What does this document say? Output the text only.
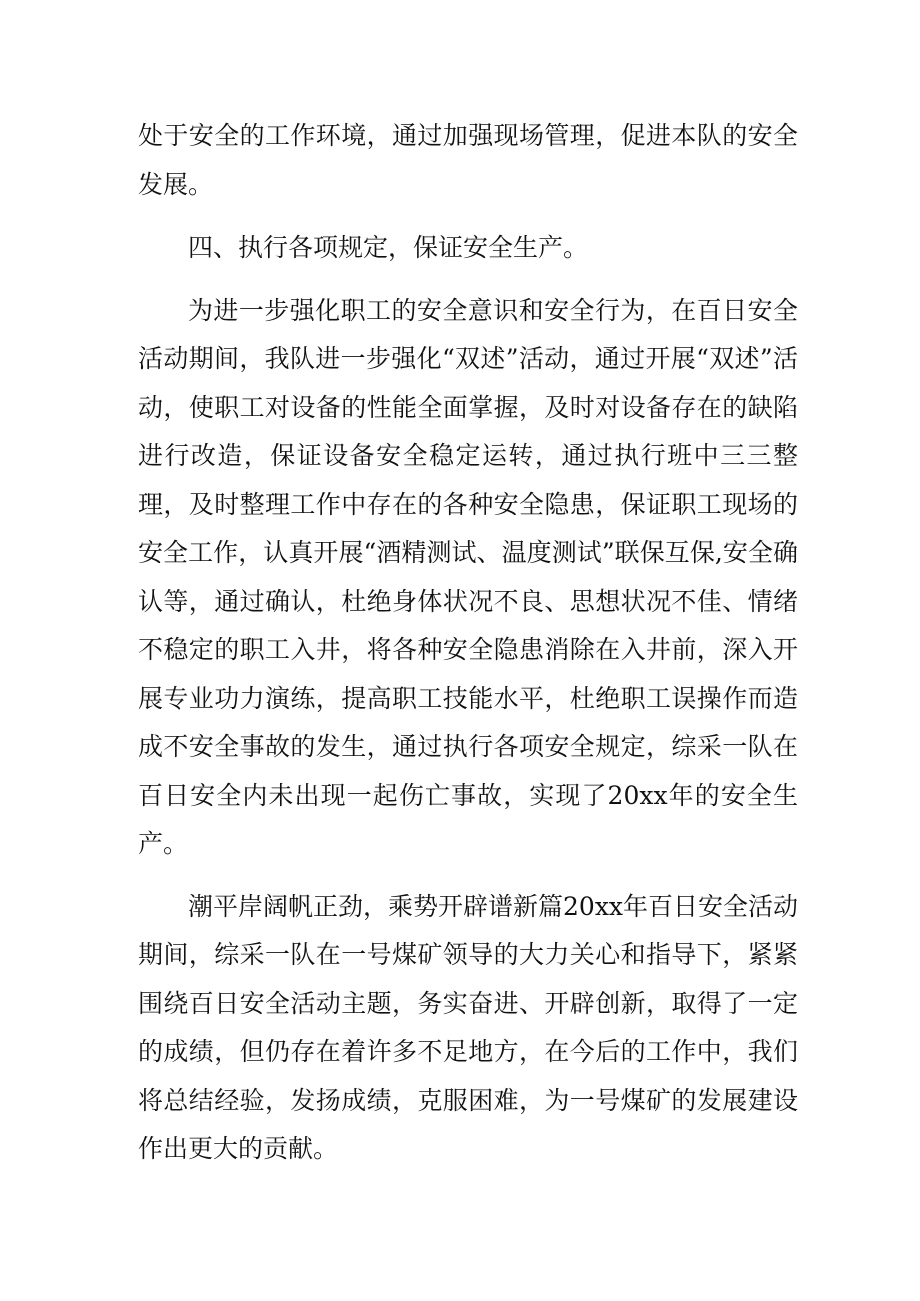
处于安全的工作环境，通过加强现场管理，促进本队的安全发展。

四、执行各项规定，保证安全生产。

为进一步强化职工的安全意识和安全行为，在百日安全活动期间，我队进一步强化“双述”活动，通过开展“双述”活动，使职工对设备的性能全面掌握，及时对设备存在的缺陷进行改造，保证设备安全稳定运转，通过执行班中三三整理，及时整理工作中存在的各种安全隐患，保证职工现场的安全工作，认真开展“酒精测试、温度测试”联保互保,安全确认等，通过确认，杜绝身体状况不良、思想状况不佳、情绪不稳定的职工入井，将各种安全隐患消除在入井前，深入开展专业功力演练，提高职工技能水平，杜绝职工误操作而造成不安全事故的发生，通过执行各项安全规定，综采一队在百日安全内未出现一起伤亡事故，实现了20xx年的安全生产。

潮平岸阔帆正劲，乘势开辟谱新篇20xx年百日安全活动期间，综采一队在一号煤矿领导的大力关心和指导下，紧紧围绕百日安全活动主题，务实奋进、开辟创新，取得了一定的成绩，但仍存在着许多不足地方，在今后的工作中，我们将总结经验，发扬成绩，克服困难，为一号煤矿的发展建设作出更大的贡献。
